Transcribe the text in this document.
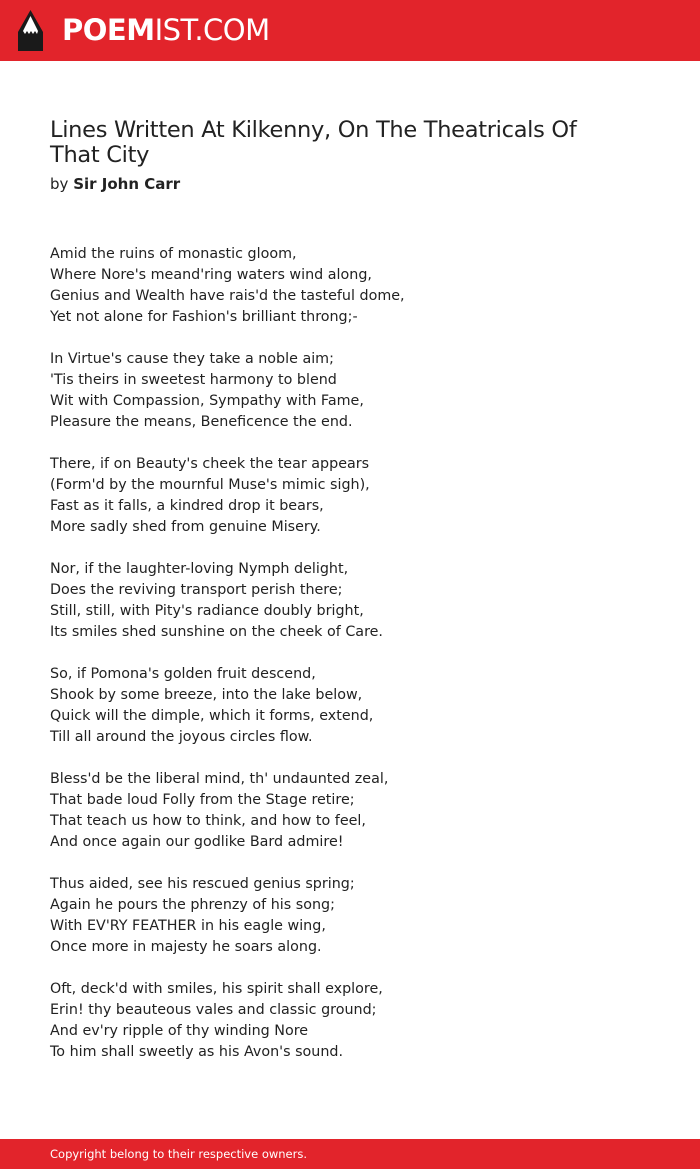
POEMIST.COM
Lines Written At Kilkenny, On The Theatricals Of That City
by Sir John Carr
Amid the ruins of monastic gloom,
Where Nore's meand'ring waters wind along,
Genius and Wealth have rais'd the tasteful dome,
Yet not alone for Fashion's brilliant throng;-
In Virtue's cause they take a noble aim;
'Tis theirs in sweetest harmony to blend
Wit with Compassion, Sympathy with Fame,
Pleasure the means, Beneficence the end.
There, if on Beauty's cheek the tear appears
(Form'd by the mournful Muse's mimic sigh),
Fast as it falls, a kindred drop it bears,
More sadly shed from genuine Misery.
Nor, if the laughter-loving Nymph delight,
Does the reviving transport perish there;
Still, still, with Pity's radiance doubly bright,
Its smiles shed sunshine on the cheek of Care.
So, if Pomona's golden fruit descend,
Shook by some breeze, into the lake below,
Quick will the dimple, which it forms, extend,
Till all around the joyous circles flow.
Bless'd be the liberal mind, th' undaunted zeal,
That bade loud Folly from the Stage retire;
That teach us how to think, and how to feel,
And once again our godlike Bard admire!
Thus aided, see his rescued genius spring;
Again he pours the phrenzy of his song;
With EV'RY FEATHER in his eagle wing,
Once more in majesty he soars along.
Oft, deck'd with smiles, his spirit shall explore,
Erin! thy beauteous vales and classic ground;
And ev'ry ripple of thy winding Nore
To him shall sweetly as his Avon's sound.
Copyright belong to their respective owners.
